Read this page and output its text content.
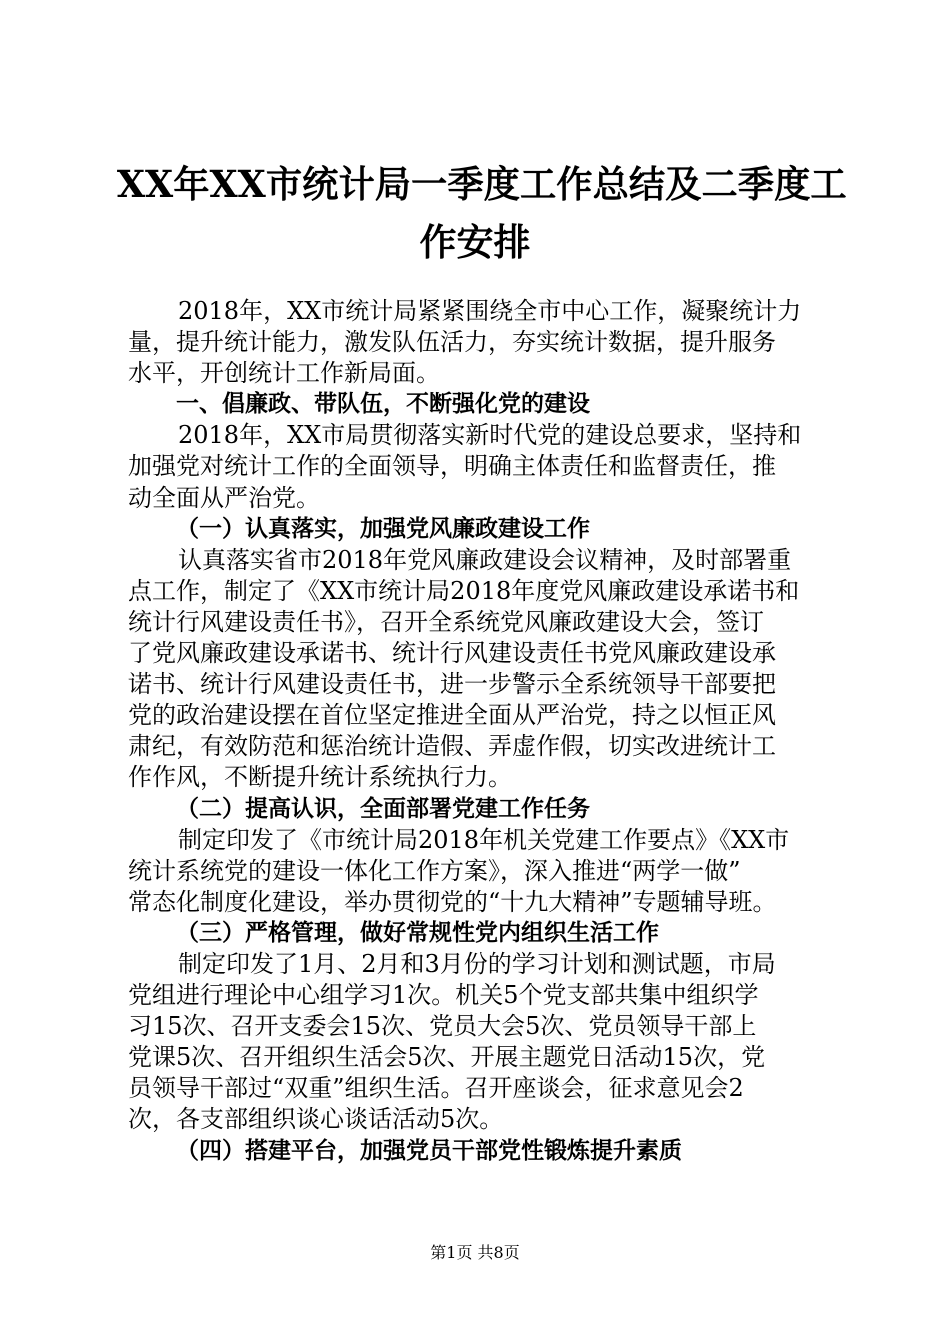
XX年XX市统计局一季度工作总结及二季度工
作安排
2018年，XX市统计局紧紧围绕全市中心工作，凝聚统计力
量，提升统计能力，激发队伍活力，夯实统计数据，提升服务
水平，开创统计工作新局面。
一、倡廉政、带队伍，不断强化党的建设
2018年，XX市局贯彻落实新时代党的建设总要求，坚持和
加强党对统计工作的全面领导，明确主体责任和监督责任，推
动全面从严治党。
（一）认真落实，加强党风廉政建设工作
认真落实省市2018年党风廉政建设会议精神，及时部署重
点工作，制定了《XX市统计局2018年度党风廉政建设承诺书和
统计行风建设责任书》，召开全系统党风廉政建设大会，签订
了党风廉政建设承诺书、统计行风建设责任书党风廉政建设承
诺书、统计行风建设责任书，进一步警示全系统领导干部要把
党的政治建设摆在首位坚定推进全面从严治党，持之以恒正风
肃纪，有效防范和惩治统计造假、弄虚作假，切实改进统计工
作作风，不断提升统计系统执行力。
（二）提高认识，全面部署党建工作任务
制定印发了《市统计局2018年机关党建工作要点》《XX市
统计系统党的建设一体化工作方案》，深入推进“两学一做”
常态化制度化建设，举办贯彻党的“十九大精神”专题辅导班。
（三）严格管理，做好常规性党内组织生活工作
制定印发了1月、2月和3月份的学习计划和测试题，市局
党组进行理论中心组学习1次。机关5个党支部共集中组织学
习15次、召开支委会15次、党员大会5次、党员领导干部上
党课5次、召开组织生活会5次、开展主题党日活动15次，党
员领导干部过“双重”组织生活。召开座谈会，征求意见会2
次，各支部组织谈心谈话活动5次。
（四）搭建平台，加强党员干部党性锻炼提升素质
第1页 共8页
